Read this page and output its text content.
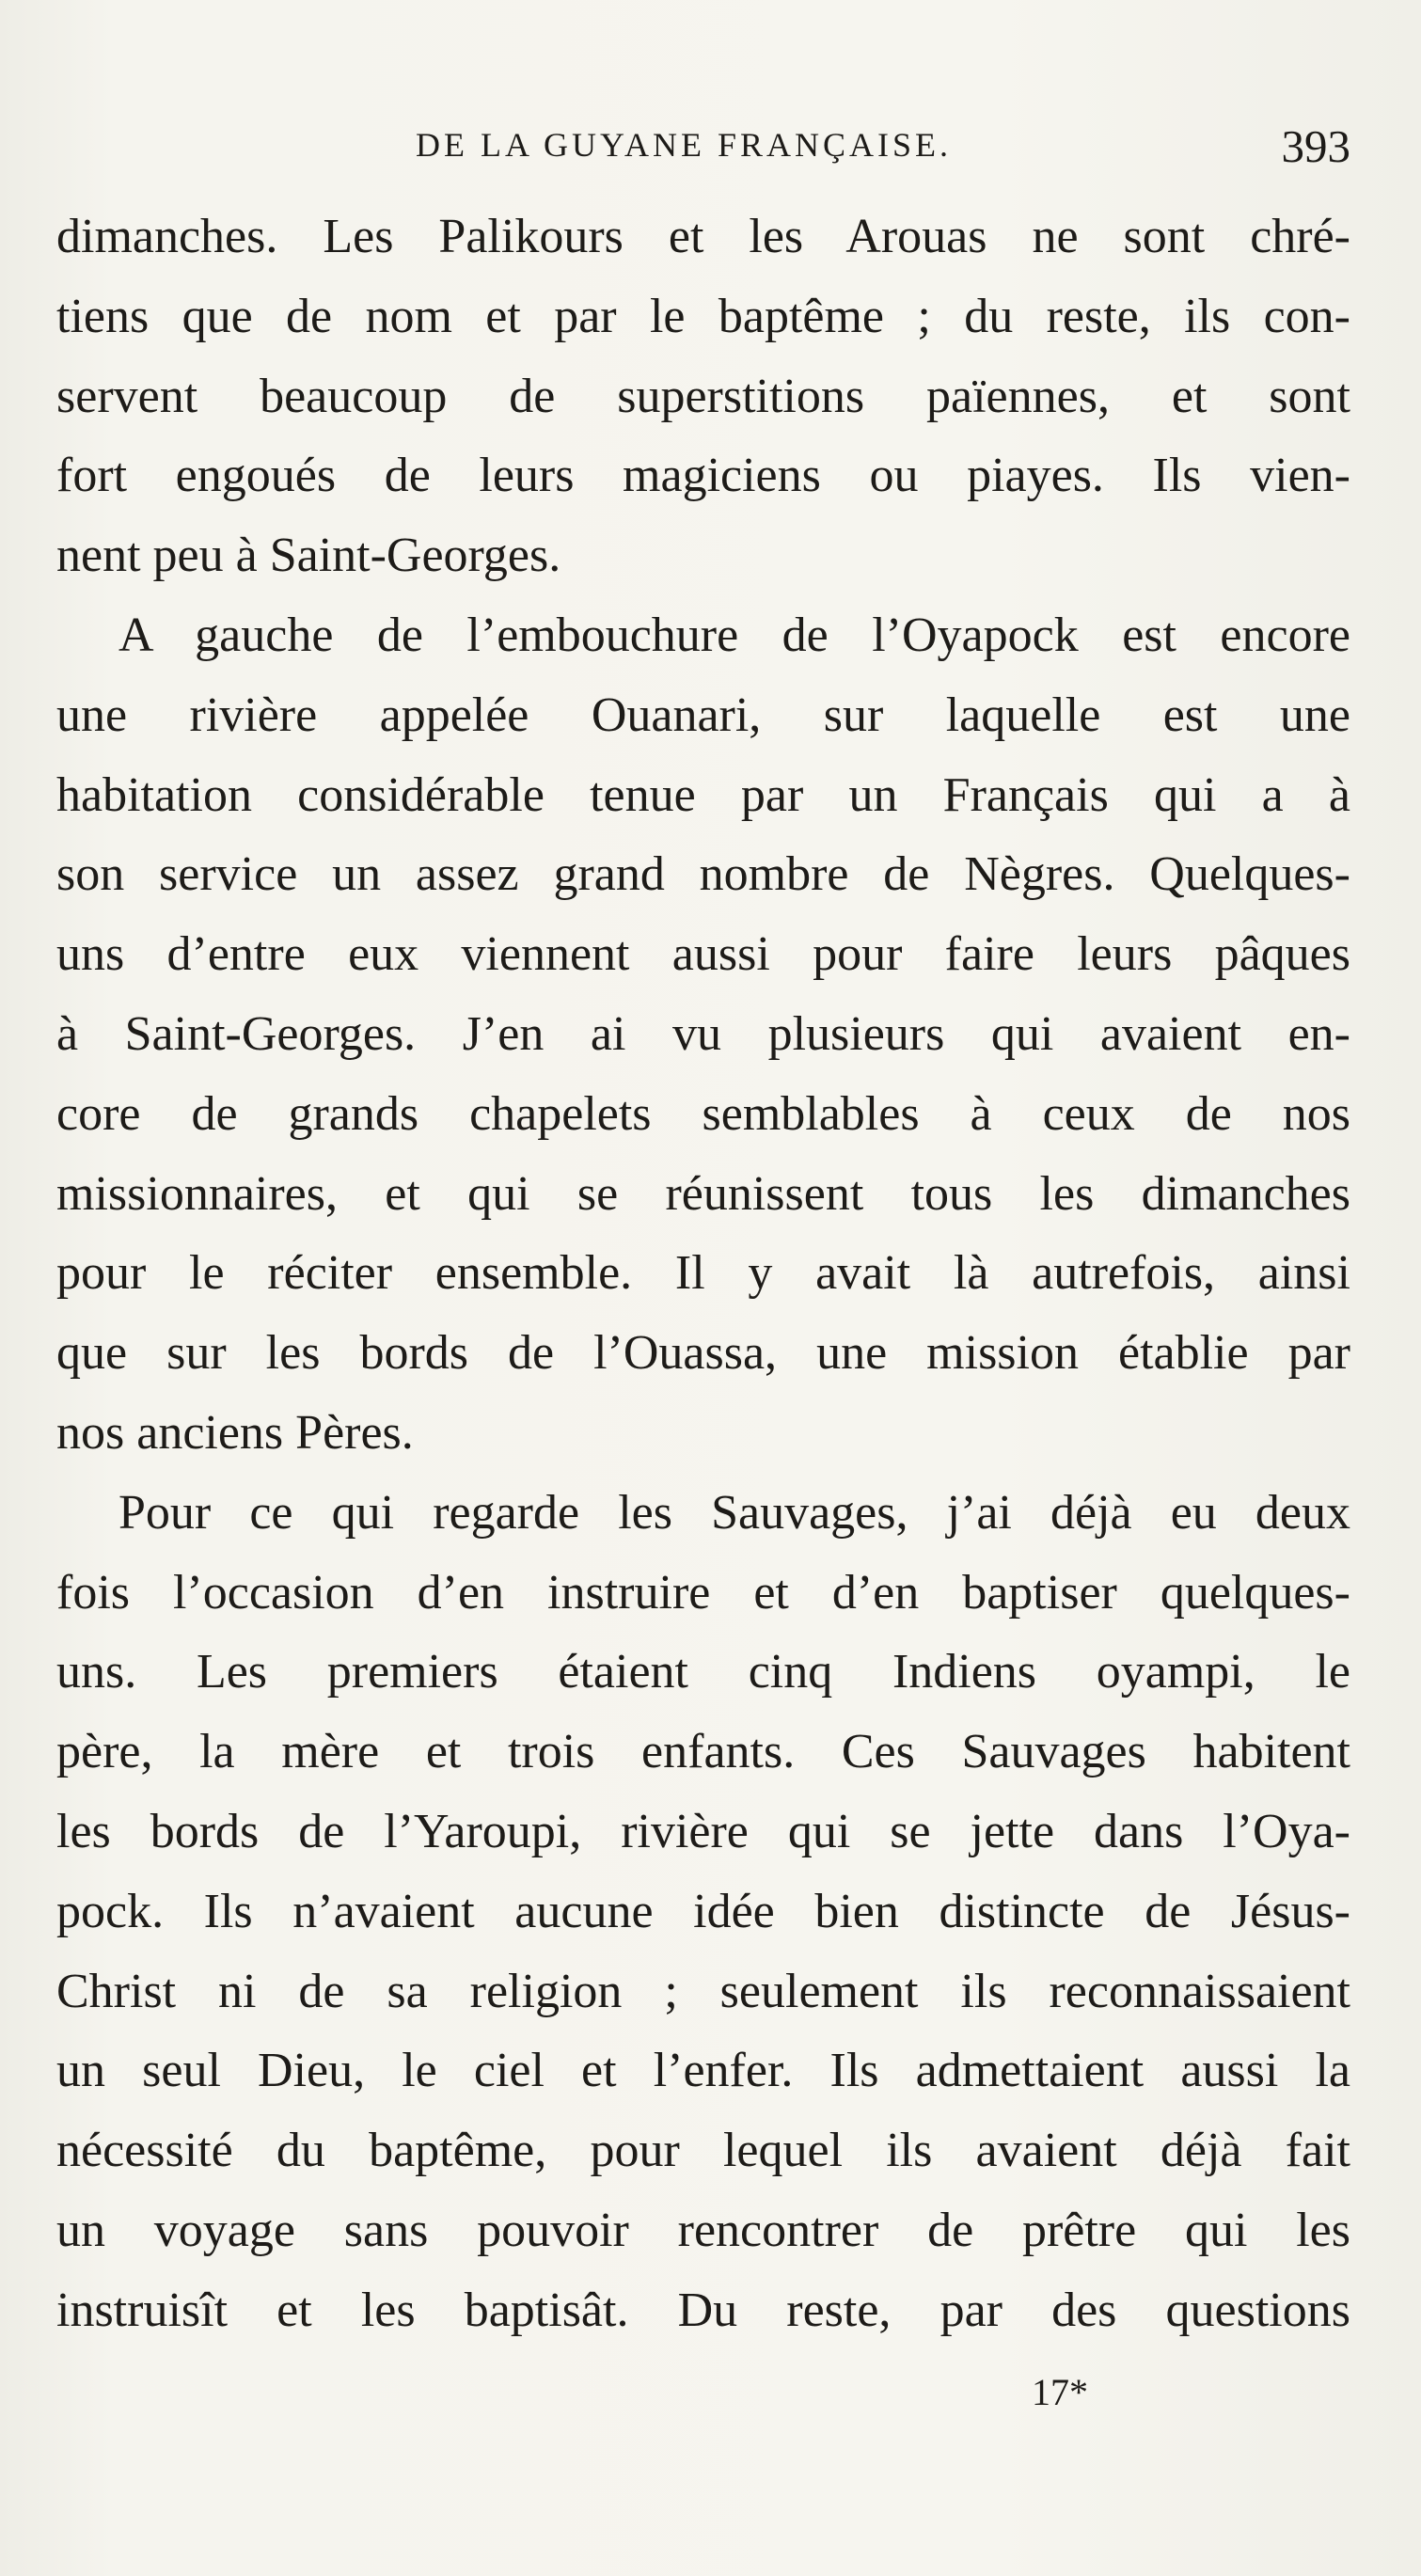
DE LA GUYANE FRANÇAISE.	393
dimanches. Les Palikours et les Arouas ne sont chré-
tiens que de nom et par le baptême ; du reste, ils con-
servent beaucoup de superstitions païennes, et sont
fort engoués de leurs magiciens ou piayes. Ils vien-
nent peu à Saint-Georges.
A gauche de l’embouchure de l’Oyapock est encore
une rivière appelée Ouanari, sur laquelle est une
habitation considérable tenue par un Français qui a à
son service un assez grand nombre de Nègres. Quelques-
uns d’entre eux viennent aussi pour faire leurs pâques
à Saint-Georges. J’en ai vu plusieurs qui avaient en-
core de grands chapelets semblables à ceux de nos
missionnaires, et qui se réunissent tous les dimanches
pour le réciter ensemble. Il y avait là autrefois, ainsi
que sur les bords de l’Ouassa, une mission établie par
nos anciens Pères.
Pour ce qui regarde les Sauvages, j’ai déjà eu deux
fois l’occasion d’en instruire et d’en baptiser quelques-
uns. Les premiers étaient cinq Indiens oyampi, le
père, la mère et trois enfants. Ces Sauvages habitent
les bords de l’Yaroupi, rivière qui se jette dans l’Oya-
pock. Ils n’avaient aucune idée bien distincte de Jésus-
Christ ni de sa religion ; seulement ils reconnaissaient
un seul Dieu, le ciel et l’enfer. Ils admettaient aussi la
nécessité du baptême, pour lequel ils avaient déjà fait
un voyage sans pouvoir rencontrer de prêtre qui les
instruisît et les baptisât. Du reste, par des questions
17*
